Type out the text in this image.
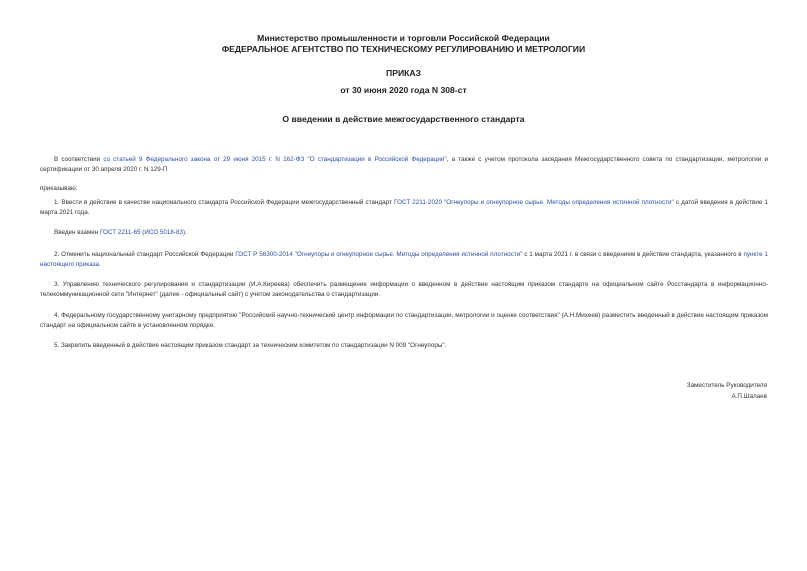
Министерство промышленности и торговли Российской Федерации
ФЕДЕРАЛЬНОЕ АГЕНТСТВО ПО ТЕХНИЧЕСКОМУ РЕГУЛИРОВАНИЮ И МЕТРОЛОГИИ
ПРИКАЗ
от 30 июня 2020 года N 308-ст
О введении в действие межгосударственного стандарта
В соответствии со статьей 9 Федерального закона от 29 июня 2015 г. N 162-ФЗ "О стандартизации в Российской Федерации", а также с учетом протокола заседания Межгосударственного совета по стандартизации, метрологии и сертификации от 30 апреля 2020 г. N 129-П
приказываю:
1. Ввести в действие в качестве национального стандарта Российской Федерации межгосударственный стандарт ГОСТ 2211-2020 "Огнеупоры и огнеупорное сырье. Методы определения истинной плотности" с датой введения в действие 1 марта 2021 года.
Введен взамен ГОСТ 2211-65 (ИСО 5018-83).
2. Отменить национальный стандарт Российской Федерации ГОСТ Р 56300-2014 "Огнеупоры и огнеупорное сырье. Методы определения истинной плотности" с 1 марта 2021 г. в связи с введением в действие стандарта, указанного в пункте 1 настоящего приказа.
3. Управлению технического регулирования и стандартизации (И.А.Киреева) обеспечить размещение информации о введенном в действие настоящим приказом стандарте на официальном сайте Росстандарта в информационно-телекоммуникационной сети "Интернет" (далее - официальный сайт) с учетом законодательства о стандартизации.
4. Федеральному государственному унитарному предприятию "Российский научно-технический центр информации по стандартизации, метрологии и оценке соответствия" (А.Н.Михеев) разместить введенный в действие настоящим приказом стандарт на официальном сайте в установленном порядке.
5. Закрепить введенный в действие настоящим приказом стандарт за техническим комитетом по стандартизации N 009 "Огнеупоры".
Заместитель Руководителя
А.П.Шалаев
